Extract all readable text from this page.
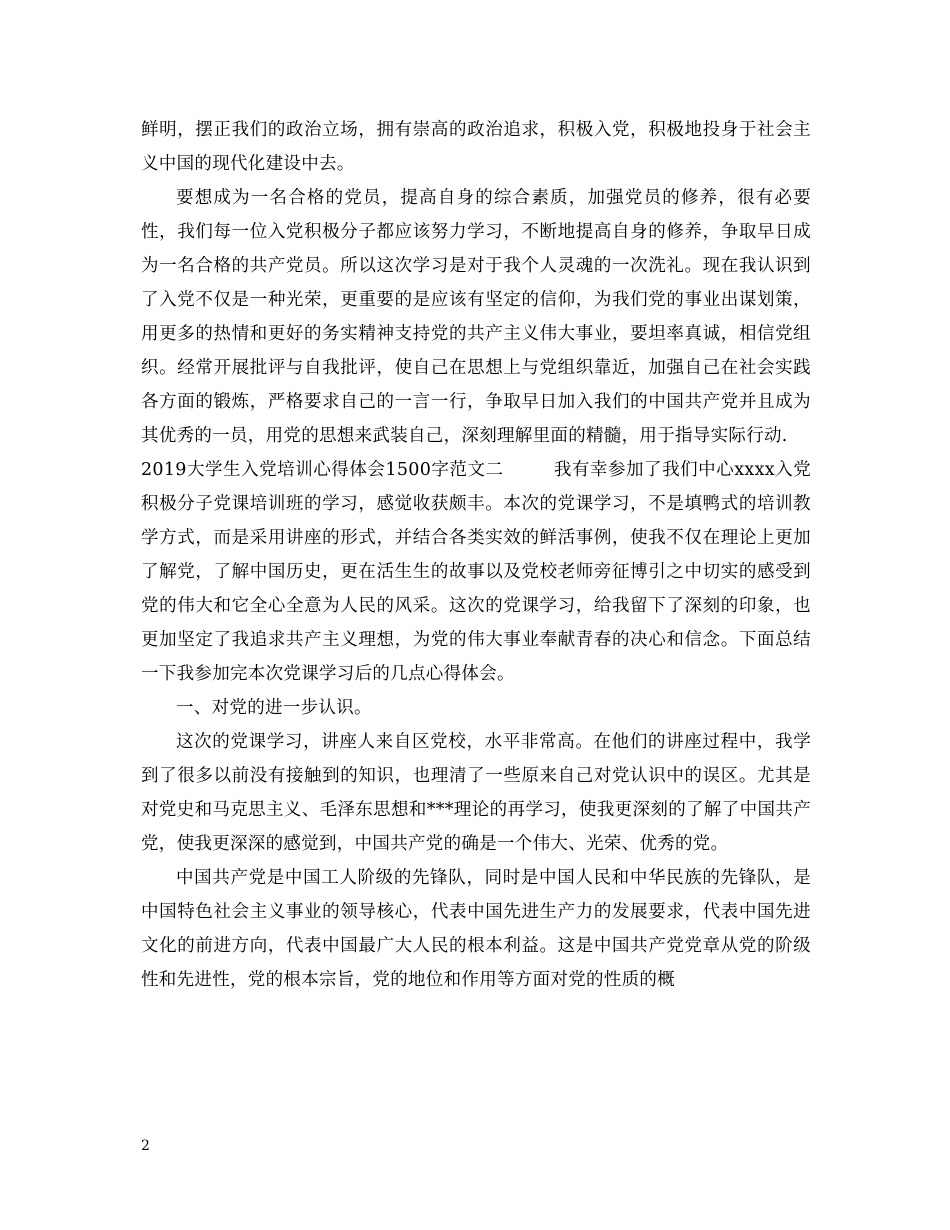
鲜明，摆正我们的政治立场，拥有崇高的政治追求，积极入党，积极地投身于社会主义中国的现代化建设中去。

要想成为一名合格的党员，提高自身的综合素质，加强党员的修养，很有必要性，我们每一位入党积极分子都应该努力学习，不断地提高自身的修养，争取早日成为一名合格的共产党员。所以这次学习是对于我个人灵魂的一次洗礼。现在我认识到了入党不仅是一种光荣，更重要的是应该有坚定的信仰，为我们党的事业出谋划策，用更多的热情和更好的务实精神支持党的共产主义伟大事业，要坦率真诚，相信党组织。经常开展批评与自我批评，使自己在思想上与党组织靠近，加强自己在社会实践各方面的锻炼，严格要求自己的一言一行，争取早日加入我们的中国共产党并且成为其优秀的一员，用党的思想来武装自己，深刻理解里面的精髓，用于指导实际行动.

2019大学生入党培训心得体会1500字范文二	我有幸参加了我们中心xxxx入党积极分子党课培训班的学习，感觉收获颇丰。本次的党课学习，不是填鸭式的培训教学方式，而是采用讲座的形式，并结合各类实效的鲜活事例，使我不仅在理论上更加了解党，了解中国历史，更在活生生的故事以及党校老师旁征博引之中切实的感受到党的伟大和它全心全意为人民的风采。这次的党课学习，给我留下了深刻的印象，也更加坚定了我追求共产主义理想，为党的伟大事业奉献青春的决心和信念。下面总结一下我参加完本次党课学习后的几点心得体会。

一、对党的进一步认识。

这次的党课学习，讲座人来自区党校，水平非常高。在他们的讲座过程中，我学到了很多以前没有接触到的知识，也理清了一些原来自己对党认识中的误区。尤其是对党史和马克思主义、毛泽东思想和***理论的再学习，使我更深刻的了解了中国共产党，使我更深深的感觉到，中国共产党的确是一个伟大、光荣、优秀的党。

中国共产党是中国工人阶级的先锋队，同时是中国人民和中华民族的先锋队，是中国特色社会主义事业的领导核心，代表中国先进生产力的发展要求，代表中国先进文化的前进方向，代表中国最广大人民的根本利益。这是中国共产党党章从党的阶级性和先进性，党的根本宗旨，党的地位和作用等方面对党的性质的概

2
